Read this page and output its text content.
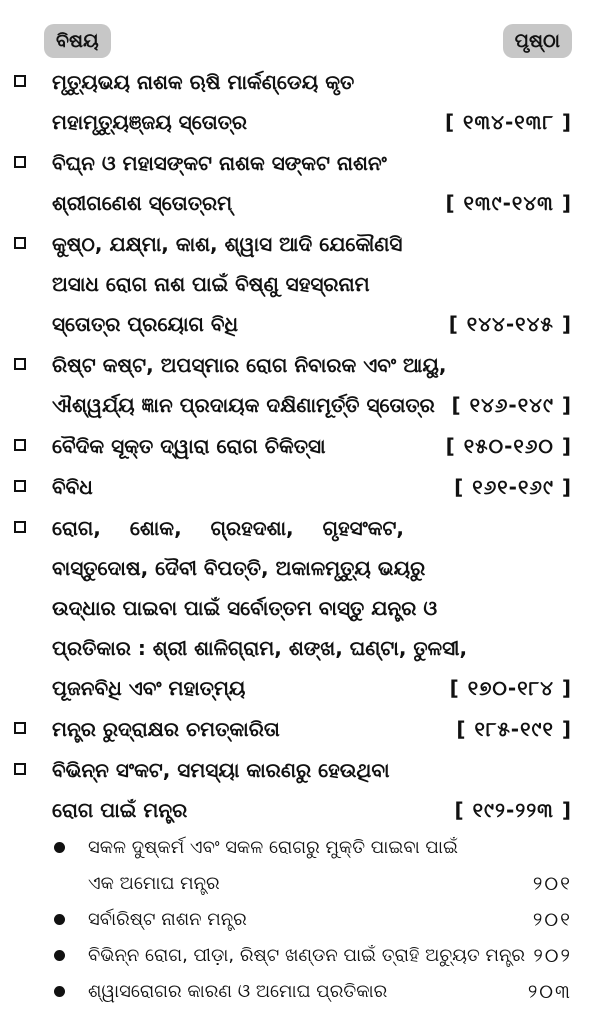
ବିଷୟ	ପୃଷ୍ଠା
ମୃତ୍ୟୁଭୟ ନାଶକ ଋଷି ମାର୍କଣ୍ଡେୟ କୃତ
ମହାମୃତ୍ୟୁଞ୍ଜୟ ସ୍ତୋତ୍ର	[ ୧୩୪-୧୩୮ ]
ବିଘ୍ନ ଓ ମହାସଙ୍କଟ ନାଶକ ସଙ୍କଟ ନାଶନଂ
ଶ୍ରୀଗଣେଶ ସ୍ତୋତ୍ରମ୍	[ ୧୩୯-୧୪୩ ]
କୁଷ୍ଠ, ଯକ୍ଷ୍ମା, କାଶ, ଶ୍ୱାସ ଆଦି ଯେକୌଣସି
ଅସାଧ ରୋଗ ନାଶ ପାଇଁ ବିଷ୍ଣୁ ସହସ୍ରନାମ
ସ୍ତୋତ୍ର ପ୍ରୟୋଗ ବିଧି	[ ୧୪୪-୧୪୫ ]
ରିଷ୍ଟ କଷ୍ଟ, ଅପସ୍ମାର ରୋଗ ନିବାରକ ଏବଂ ଆୟୁ,
ଐଶ୍ୱର୍ଯ୍ୟ ଜ୍ଞାନ ପ୍ରଦାୟକ ଦକ୍ଷିଣାମୂର୍ତ୍ତି ସ୍ତୋତ୍ର [ ୧୪୬-୧୪୯ ]
ବୈଦିକ ସୂକ୍ତ ଦ୍ୱାରା ରୋଗ ଚିକିତ୍ସା	[ ୧୫୦-୧୬୦ ]
ବିବିଧ	[ ୧୬୧-୧୬୯ ]
ରୋଗ, ଶୋକ, ଗ୍ରହଦଶା, ଗୃହସଂକଟ,
ବାସ୍ତୁଦୋଷ, ଦୈବୀ ବିପତ୍ତି, ଅକାଳମୃତ୍ୟୁ ଭୟରୁ
ଉଦ୍ଧାର ପାଇବା ପାଇଁ ସର୍ବୋତ୍ତମ ବାସ୍ତୁ ଯନ୍ତ୍ର ଓ
ପ୍ରତିକାର : ଶ୍ରୀ ଶାଳିଗ୍ରାମ, ଶଙ୍ଖ, ଘଣ୍ଟା, ତୁଳସୀ,
ପୂଜନବିଧି ଏବଂ ମହାତ୍ମ୍ୟ	[ ୧୭୦-୧୮୪ ]
ମନ୍ତ୍ର ରୁଦ୍ରାକ୍ଷର ଚମତ୍କାରିତା	[ ୧୮୫-୧୯୧ ]
ବିଭିନ୍ନ ସଂକଟ, ସମସ୍ୟା କାରଣରୁ ହେଉଥିବା
ରୋଗ ପାଇଁ ମନ୍ତ୍ର	[ ୧୯୨-୨୨୩ ]
ସକଳ ଦୁଷ୍କର୍ମ ଏବଂ ସକଳ ରୋଗରୁ ମୁକ୍ତି ପାଇବା ପାଇଁ
ଏକ ଅମୋଘ ମନ୍ତ୍ର	୨୦୧
ସର୍ବାରିଷ୍ଟ ନାଶନ ମନ୍ତ୍ର	୨୦୧
ବିଭିନ୍ନ ରୋଗ, ପୀଡ଼ା, ରିଷ୍ଟ ଖଣ୍ଡନ ପାଇଁ ତ୍ରାହି ଅଚ୍ୟୁତ ମନ୍ତ୍ର ୨୦୨
ଶ୍ୱାସରୋଗର କାରଣ ଓ ଅମୋଘ ପ୍ରତିକାର	୨୦୩
